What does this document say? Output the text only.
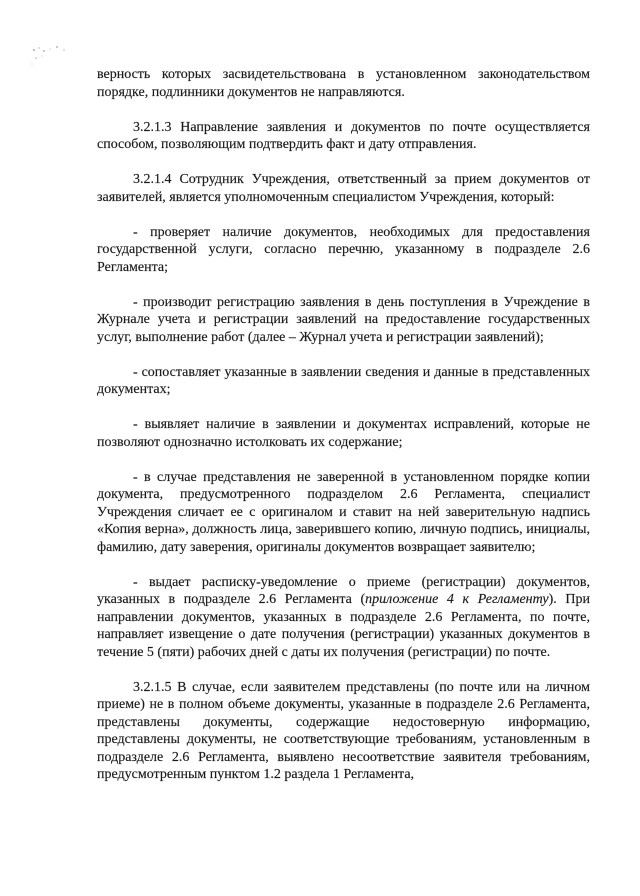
верность которых засвидетельствована в установленном законодательством порядке, подлинники документов не направляются.

3.2.1.3 Направление заявления и документов по почте осуществляется способом, позволяющим подтвердить факт и дату отправления.

3.2.1.4 Сотрудник Учреждения, ответственный за прием документов от заявителей, является уполномоченным специалистом Учреждения, который:

- проверяет наличие документов, необходимых для предоставления государственной услуги, согласно перечню, указанному в подразделе 2.6 Регламента;

- производит регистрацию заявления в день поступления в Учреждение в Журнале учета и регистрации заявлений на предоставление государственных услуг, выполнение работ (далее – Журнал учета и регистрации заявлений);

- сопоставляет указанные в заявлении сведения и данные в представленных документах;

- выявляет наличие в заявлении и документах исправлений, которые не позволяют однозначно истолковать их содержание;

- в случае представления не заверенной в установленном порядке копии документа, предусмотренного подразделом 2.6 Регламента, специалист Учреждения сличает ее с оригиналом и ставит на ней заверительную надпись «Копия верна», должность лица, заверившего копию, личную подпись, инициалы, фамилию, дату заверения, оригиналы документов возвращает заявителю;

- выдает расписку-уведомление о приеме (регистрации) документов, указанных в подразделе 2.6 Регламента (приложение 4 к Регламенту). При направлении документов, указанных в подразделе 2.6 Регламента, по почте, направляет извещение о дате получения (регистрации) указанных документов в течение 5 (пяти) рабочих дней с даты их получения (регистрации) по почте.

3.2.1.5 В случае, если заявителем представлены (по почте или на личном приеме) не в полном объеме документы, указанные в подразделе 2.6 Регламента, представлены документы, содержащие недостоверную информацию, представлены документы, не соответствующие требованиям, установленным в подразделе 2.6 Регламента, выявлено несоответствие заявителя требованиям, предусмотренным пунктом 1.2 раздела 1 Регламента,
